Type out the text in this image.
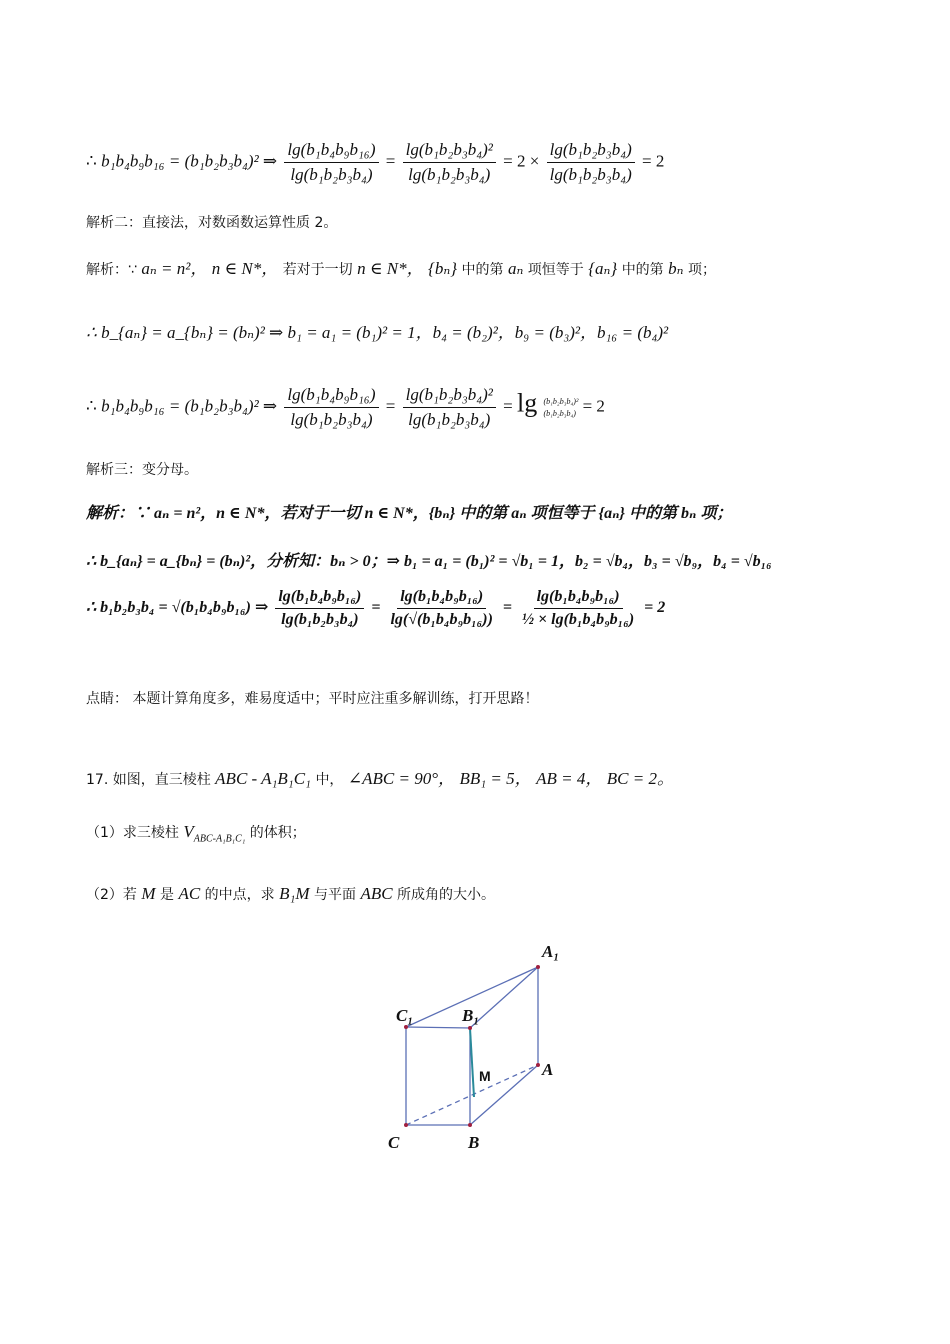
∴ b₁b₄b₉b₁₆ = (b₁b₂b₃b₄)² ⇒ $\frac{\text{lg(b₁b₄b₉b₁₆)}}{\text{lg(b₁b₂b₃b₄)}} = \frac{\text{lg(b₁b₂b₃b₄)²}}{\text{lg(b₁b₂b₃b₄)}} = 2 \times \frac{\text{lg(b₁b₂b₃b₄)}}{\text{lg(b₁b₂b₃b₄)}} = 2$
解析二：直接法，对数函数运算性质 2。
解析：∵ aₙ = n²， n ∈ N*， 若对于一切 n ∈ N*， {bₙ} 中的第 aₙ 项恒等于 {aₙ} 中的第 bₙ 项；
∴ b_{aₙ} = a_{bₙ} = (bₙ)² ⇒ b₁ = a₁ = (b₁)² = 1，b₄ = (b₂)²，b₉ = (b₃)²，b₁₆ = (b₄)²
∴ b₁b₄b₉b₁₆ = (b₁b₂b₃b₄)² ⇒ $\frac{\text{lg(b₁b₄b₉b₁₆)}}{\text{lg(b₁b₂b₃b₄)}} = \frac{\text{lg(b₁b₂b₃b₄)²}}{\text{lg(b₁b₂b₃b₄)}} = \lg (b_1b_2b_3b_4)^2$
(b₁b₂b₃b₄) = 2
解析三：变分母。
解析：∵ aₙ = n²，n ∈ N*，若对于一切 n ∈ N*，{bₙ} 中的第 aₙ 项恒等于 {aₙ} 中的第 bₙ 项；
∴ b_{aₙ} = a_{bₙ} = (bₙ)²，分析知：bₙ > 0；⇒ b₁ = a₁ = (b₁)² = √b₁ = 1，b₂ = √b₄，b₃ = √b₉，b₄ = √b₁₆
∴ b₁b₂b₃b₄ = √(b₁b₄b₉b₁₆) ⇒ $\frac{\text{lg(b₁b₄b₉b₁₆)}}{\text{lg(b₁b₂b₃b₄)}} = \frac{\text{lg(b₁b₄b₉b₁₆)}}{\text{lg(√(b₁b₄b₉b₁₆))}} = \frac{\text{lg(b₁b₄b₉b₁₆)}}{\text{½ × lg(b₁b₄b₉b₁₆)}} = 2$
点睛： 本题计算角度多，难易度适中；平时应注重多解训练，打开思路！
17. 如图，直三棱柱 ABC - A₁B₁C₁ 中， ∠ABC = 90°， BB₁ = 5， AB = 4， BC = 2。
（1）求三棱柱 $V_{ABC-A_1B_1C_1}$ 的体积；
（2）若 M 是 AC 的中点，求 B₁M 与平面 ABC 所成角的大小。
A₁
C₁	B₁
M	A
C	B
